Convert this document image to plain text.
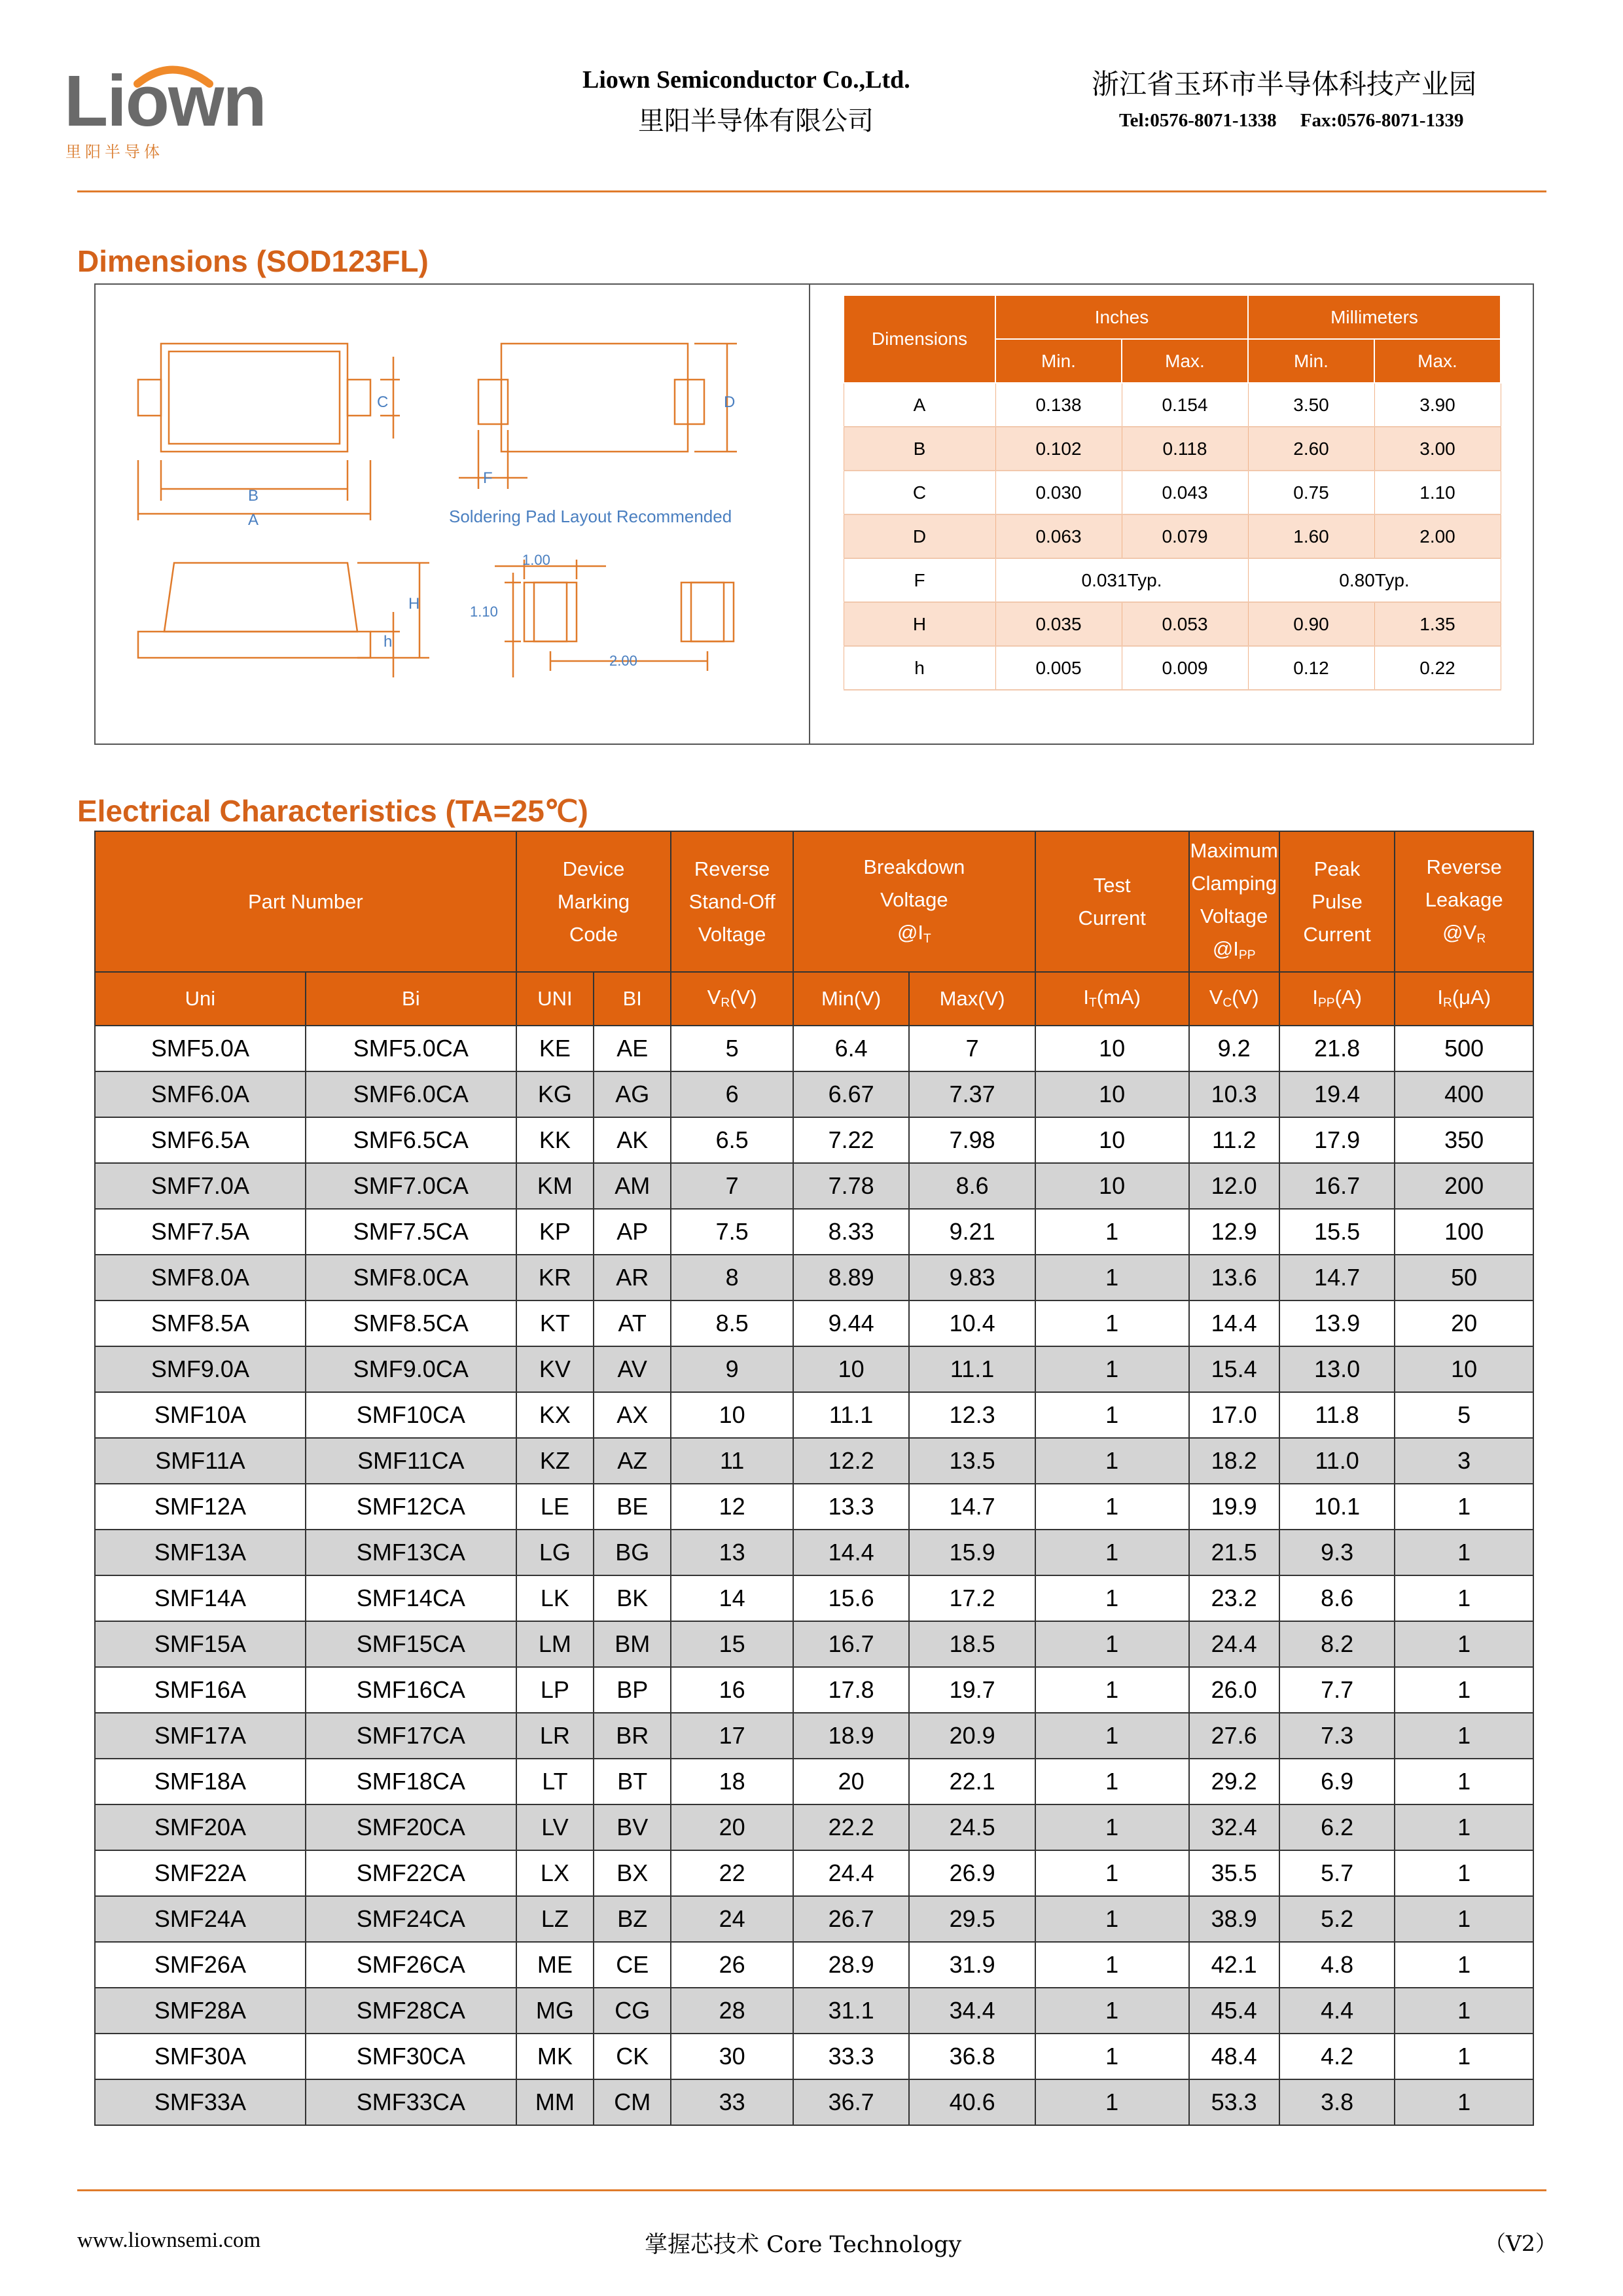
Liown
里阳半导体
Liown Semiconductor Co.,Ltd.
里阳半导体有限公司
浙江省玉环市半导体科技产业园
Tel:0576-8071-1338     Fax:0576-8071-1339
Dimensions (SOD123FL)
C	D
B
A
F
H
h
Soldering Pad Layout Recommended
1.00
1.10
2.00
Dimensions	Inches		Millimeters	
	Min.	Max.	Min.	Max.
A	0.138	0.154	3.50	3.90
B	0.102	0.118	2.60	3.00
C	0.030	0.043	0.75	1.10
D	0.063	0.079	1.60	2.00
F	0.031Typ.		0.80Typ.	
H	0.035	0.053	0.90	1.35
h	0.005	0.009	0.12	0.22
Electrical Characteristics (TA=25℃)
Part Number		Device
Marking
Code		Reverse
Stand-Off
Voltage	Breakdown
Voltage
$@I_T$		Test
Current	Maximum
Clamping
Voltage
$@I_{PP}$	Peak
Pulse
Current	Reverse
Leakage
$@V_R$
Uni	Bi	UNI	BI	$V_R(V)$	Min(V)	Max(V)	$I_T(mA)$	$V_C(V)$	$I_{PP}(A)$	$I_R(\mu A)$
SMF5.0A	SMF5.0CA	KE	AE	5	6.4	7	10	9.2	21.8	500
SMF6.0A	SMF6.0CA	KG	AG	6	6.67	7.37	10	10.3	19.4	400
SMF6.5A	SMF6.5CA	KK	AK	6.5	7.22	7.98	10	11.2	17.9	350
SMF7.0A	SMF7.0CA	KM	AM	7	7.78	8.6	10	12.0	16.7	200
SMF7.5A	SMF7.5CA	KP	AP	7.5	8.33	9.21	1	12.9	15.5	100
SMF8.0A	SMF8.0CA	KR	AR	8	8.89	9.83	1	13.6	14.7	50
SMF8.5A	SMF8.5CA	KT	AT	8.5	9.44	10.4	1	14.4	13.9	20
SMF9.0A	SMF9.0CA	KV	AV	9	10	11.1	1	15.4	13.0	10
SMF10A	SMF10CA	KX	AX	10	11.1	12.3	1	17.0	11.8	5
SMF11A	SMF11CA	KZ	AZ	11	12.2	13.5	1	18.2	11.0	3
SMF12A	SMF12CA	LE	BE	12	13.3	14.7	1	19.9	10.1	1
SMF13A	SMF13CA	LG	BG	13	14.4	15.9	1	21.5	9.3	1
SMF14A	SMF14CA	LK	BK	14	15.6	17.2	1	23.2	8.6	1
SMF15A	SMF15CA	LM	BM	15	16.7	18.5	1	24.4	8.2	1
SMF16A	SMF16CA	LP	BP	16	17.8	19.7	1	26.0	7.7	1
SMF17A	SMF17CA	LR	BR	17	18.9	20.9	1	27.6	7.3	1
SMF18A	SMF18CA	LT	BT	18	20	22.1	1	29.2	6.9	1
SMF20A	SMF20CA	LV	BV	20	22.2	24.5	1	32.4	6.2	1
SMF22A	SMF22CA	LX	BX	22	24.4	26.9	1	35.5	5.7	1
SMF24A	SMF24CA	LZ	BZ	24	26.7	29.5	1	38.9	5.2	1
SMF26A	SMF26CA	ME	CE	26	28.9	31.9	1	42.1	4.8	1
SMF28A	SMF28CA	MG	CG	28	31.1	34.4	1	45.4	4.4	1
SMF30A	SMF30CA	MK	CK	30	33.3	36.8	1	48.4	4.2	1
SMF33A	SMF33CA	MM	CM	33	36.7	40.6	1	53.3	3.8	1
www.liownsemi.com	掌握芯技术 Core Technology	（V2）
